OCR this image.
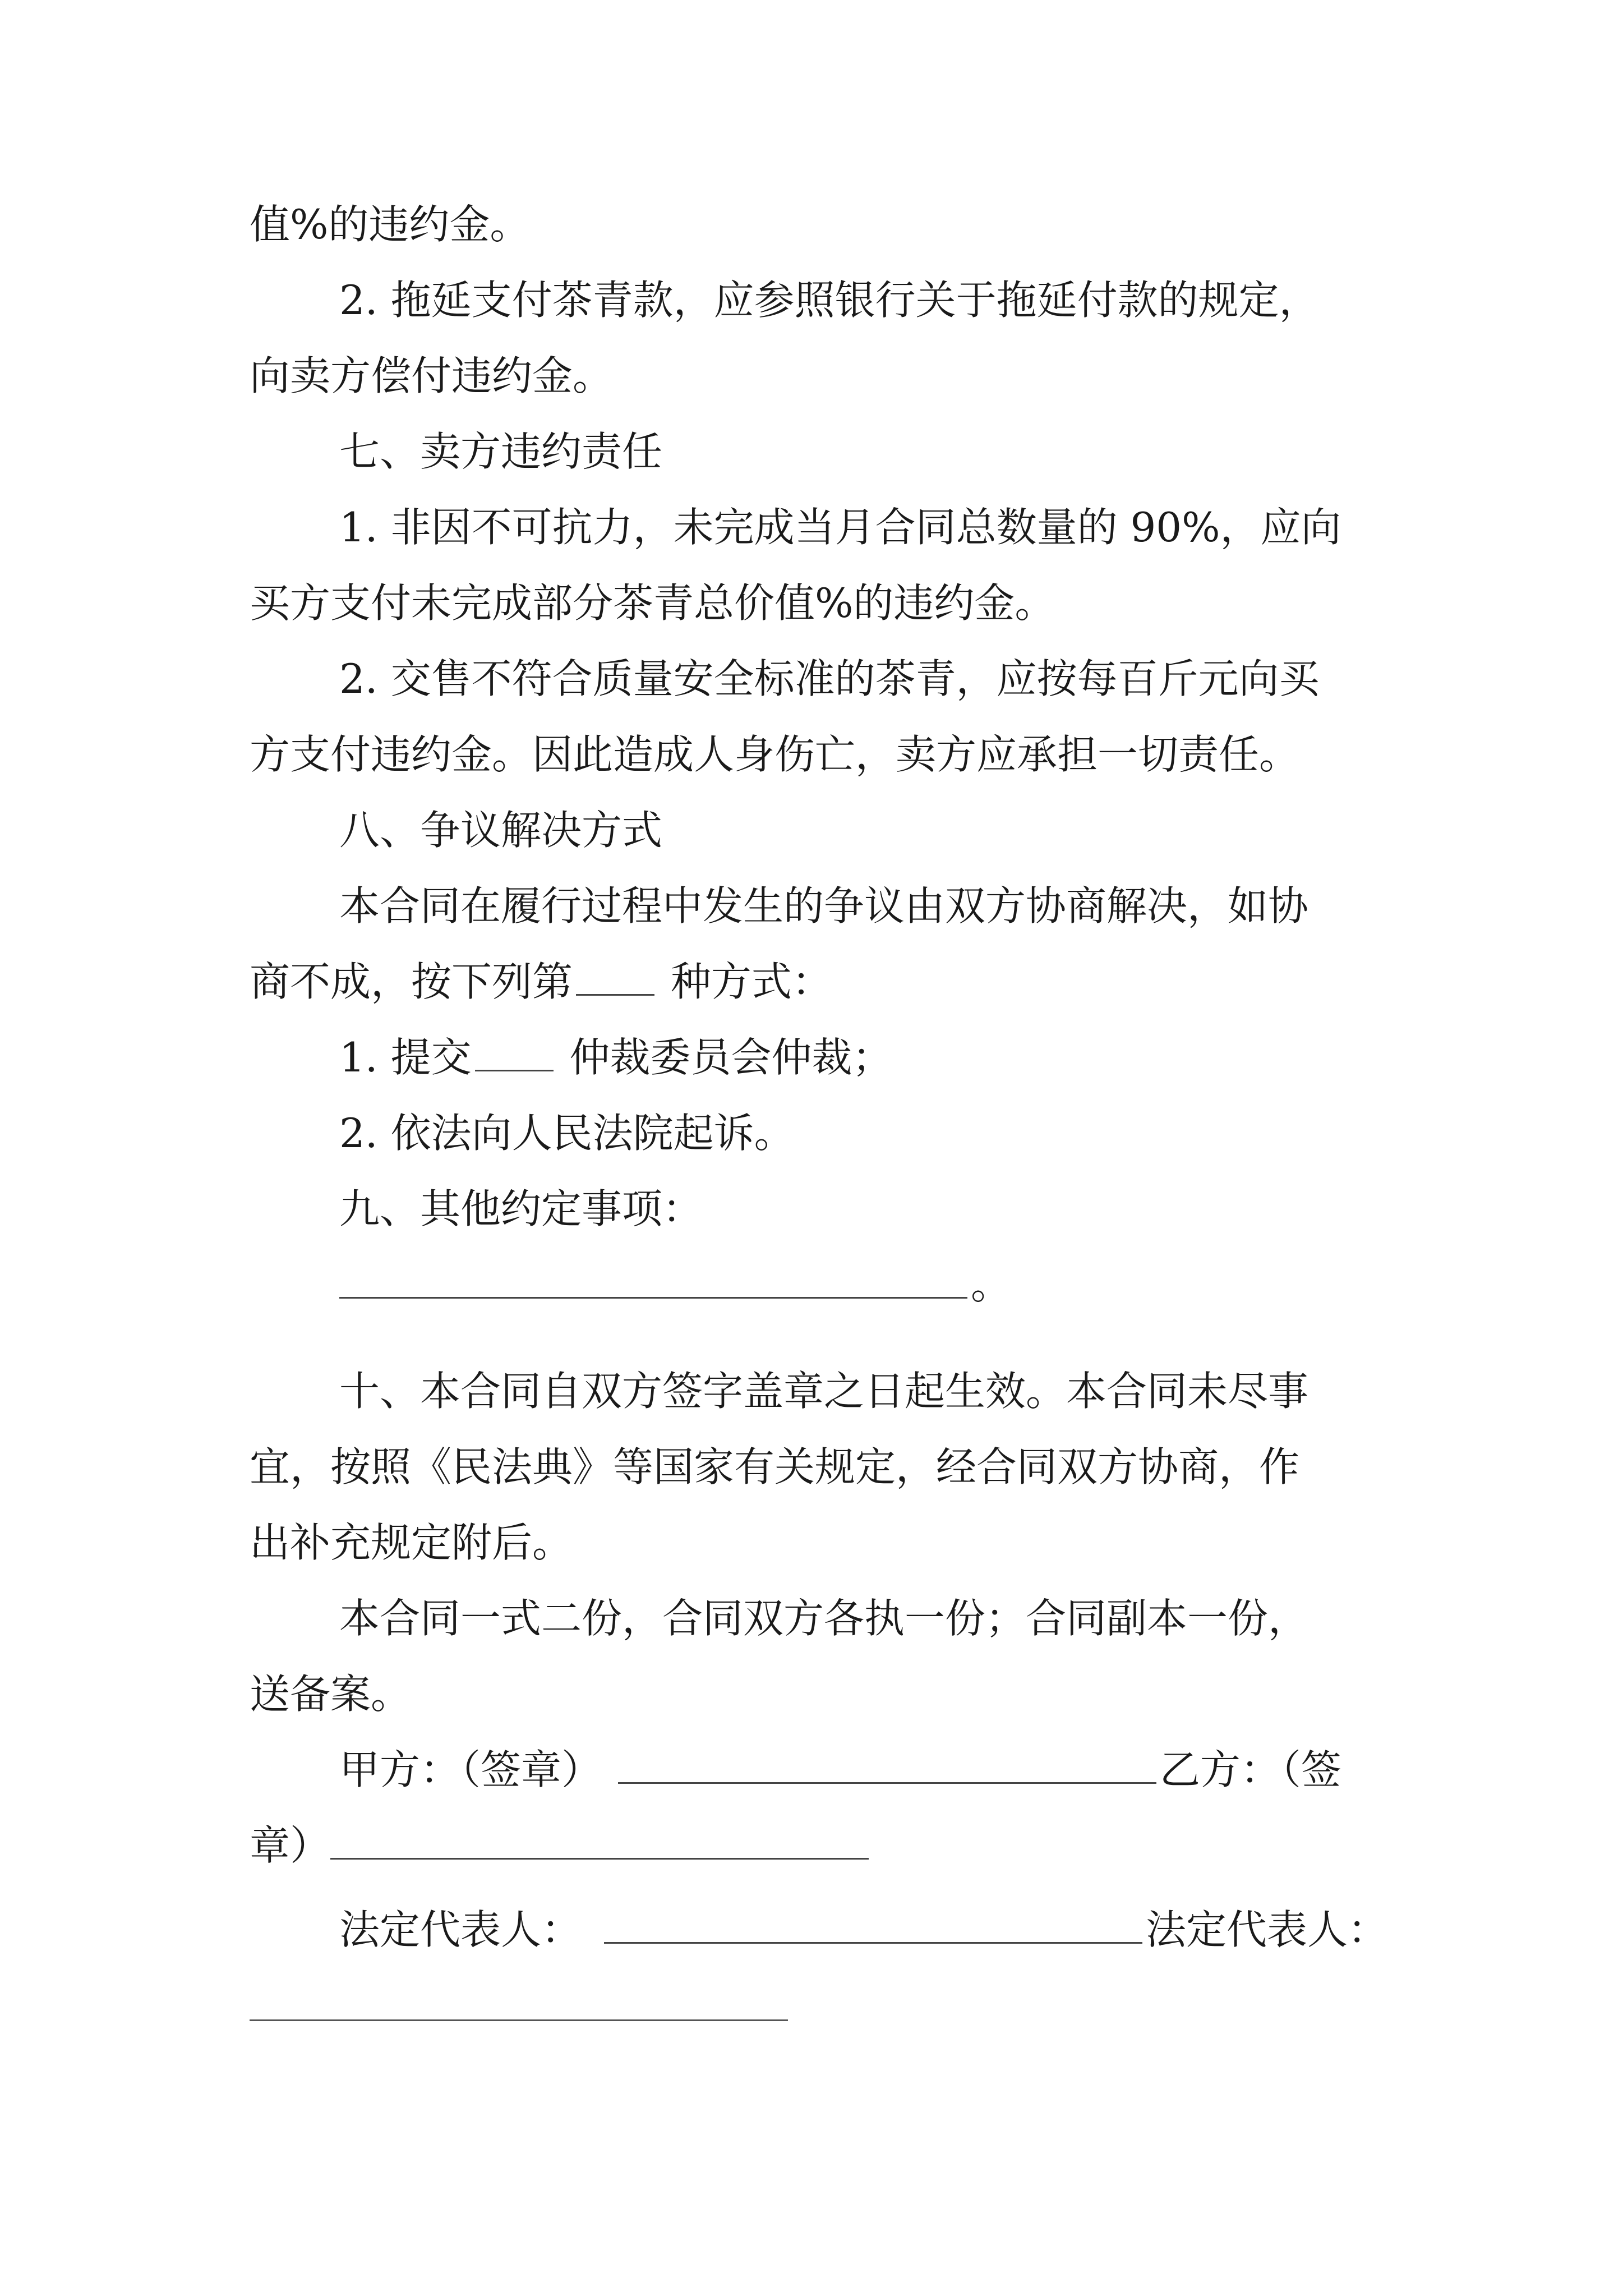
值%的违约金。
2. 拖延支付茶青款，应参照银行关于拖延付款的规定，
向卖方偿付违约金。
七、卖方违约责任
1. 非因不可抗力，未完成当月合同总数量的 90%，应向
买方支付未完成部分茶青总价值%的违约金。
2. 交售不符合质量安全标准的茶青，应按每百斤元向买
方支付违约金。因此造成人身伤亡，卖方应承担一切责任。
八、争议解决方式
本合同在履行过程中发生的争议由双方协商解决，如协
商不成，按下列第 种方式：
1. 提交 仲裁委员会仲裁；
2. 依法向人民法院起诉。
九、其他约定事项：
。
十、本合同自双方签字盖章之日起生效。本合同未尽事
宜，按照《民法典》等国家有关规定，经合同双方协商，作
出补充规定附后。
本合同一式二份，合同双方各执一份；合同副本一份，
送备案。
甲方：（签章）	乙方：（签
章）
法定代表人：	法定代表人：
